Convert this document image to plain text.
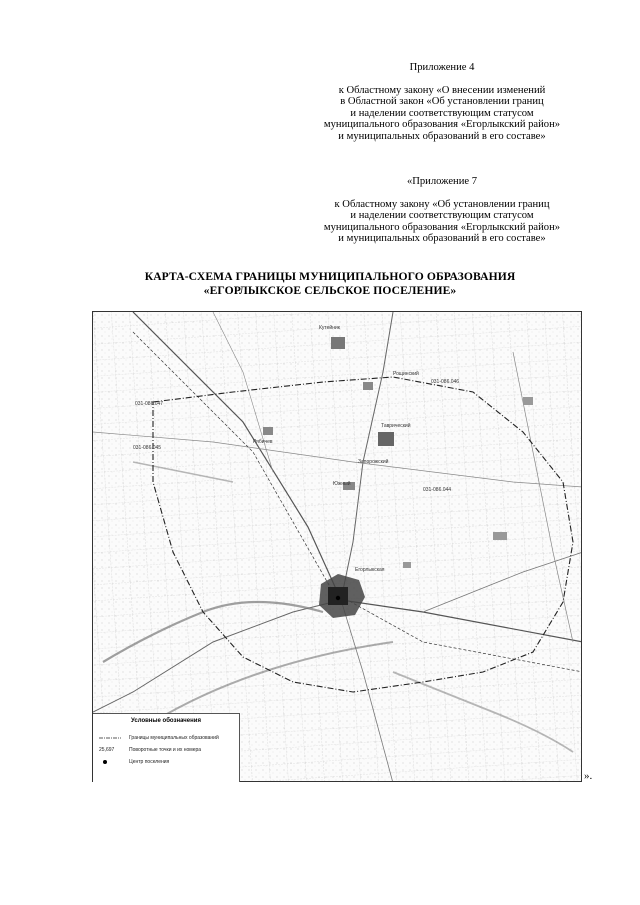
Приложение 4
к Областному закону «О внесении изменений
в Областной закон «Об установлении границ
и наделении соответствующим статусом
муниципального образования «Егорлыкский район»
и муниципальных образований в его составе»
«Приложение 7
к Областному закону «Об установлении границ
и наделении соответствующим статусом
муниципального образования «Егорлыкский район»
и муниципальных образований в его составе»
КАРТА-СХЕМА ГРАНИЦЫ МУНИЦИПАЛЬНОГО ОБРАЗОВАНИЯ
«ЕГОРЛЫКСКОЕ СЕЛЬСКОЕ ПОСЕЛЕНИЕ»
Егорлыкская
Таврический
Кутейник
Рощинский
Рябичев
Запорожский
Южный
031-086.047
031-086.045
031-086.044
031-086.046
Условные обозначения
Границы муниципальных образований
25,697	Поворотные точки и их номера
Центр поселения
».
